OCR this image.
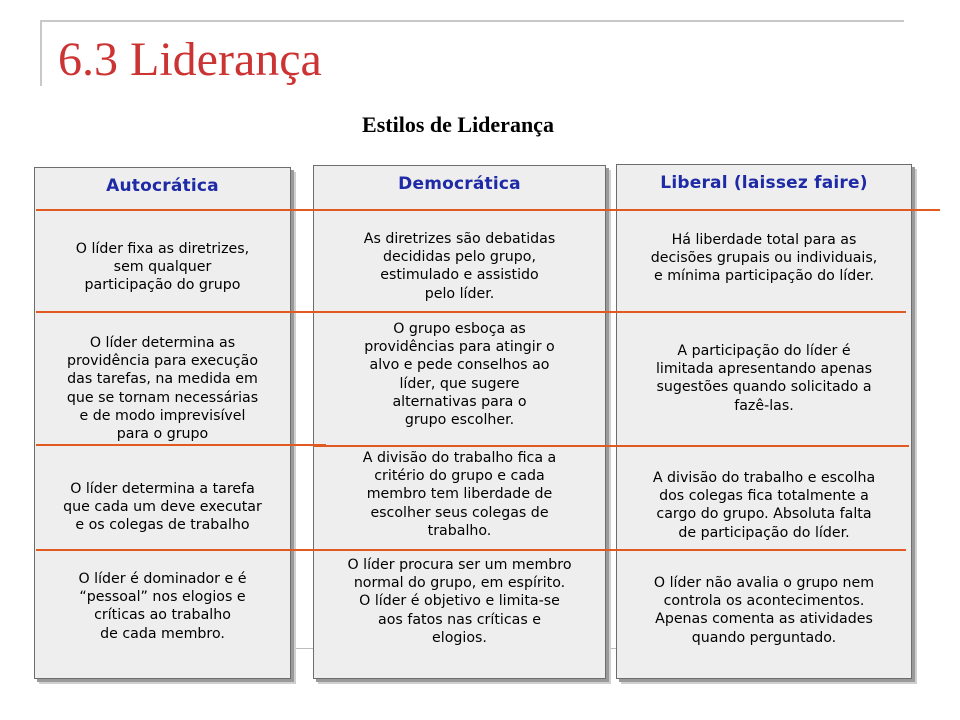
6.3 Liderança
Estilos de Liderança
Autocrática
O líder fixa as diretrizes,
sem qualquer
participação do grupo
O líder determina as
providência para execução
das tarefas, na medida em
que se tornam necessárias
e de modo imprevisível
para o grupo
O líder determina a tarefa
que cada um deve executar
e os colegas de trabalho
O líder é dominador e é
“pessoal” nos elogios e
críticas ao trabalho
de cada membro.
Democrática
As diretrizes são debatidas
decididas pelo grupo,
estimulado e assistido
pelo líder.
O grupo esboça as
providências para atingir o
alvo e pede conselhos ao
líder, que sugere
alternativas para o
grupo escolher.
A divisão do trabalho fica a
critério do grupo e cada
membro tem liberdade de
escolher seus colegas de
trabalho.
O líder procura ser um membro
normal do grupo, em espírito.
O líder é objetivo e limita-se
aos fatos nas críticas e
elogios.
Liberal (laissez faire)
Há liberdade total para as
decisões grupais ou individuais,
e mínima participação do líder.
A participação do líder é
limitada apresentando apenas
sugestões quando solicitado a
fazê-las.
A divisão do trabalho e escolha
dos colegas fica totalmente a
cargo do grupo. Absoluta falta
de participação do líder.
O líder não avalia o grupo nem
controla os acontecimentos.
Apenas comenta as atividades
quando perguntado.
